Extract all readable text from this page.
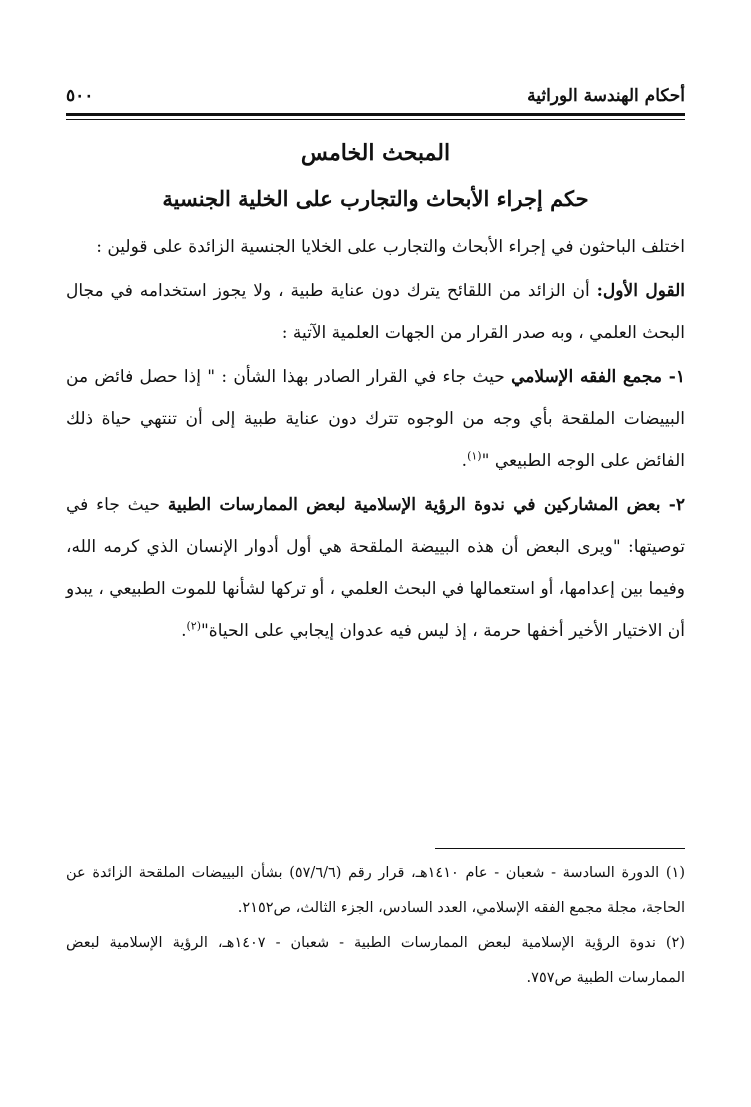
أحكام الهندسة الوراثية
٥٠٠
المبحث الخامس
حكم إجراء الأبحاث والتجارب على الخلية الجنسية

اختلف الباحثون في إجراء الأبحاث والتجارب على الخلايا الجنسية الزائدة على قولين :

القول الأول: أن الزائد من اللقائح يترك دون عناية طبية ، ولا يجوز استخدامه في مجال البحث العلمي ، وبه صدر القرار من الجهات العلمية الآتية :

١- مجمع الفقه الإسلامي حيث جاء في القرار الصادر بهذا الشأن : " إذا حصل فائض من البييضات الملقحة بأي وجه من الوجوه تترك دون عناية طبية إلى أن تنتهي حياة ذلك الفائض على الوجه الطبيعي "$^{(١)}$.

٢- بعض المشاركين في ندوة الرؤية الإسلامية لبعض الممارسات الطبية حيث جاء في توصيتها: "ويرى البعض أن هذه البييضة الملقحة هي أول أدوار الإنسان الذي كرمه الله، وفيما بين إعدامها، أو استعمالها في البحث العلمي ، أو تركها لشأنها للموت الطبيعي ، يبدو أن الاختيار الأخير أخفها حرمة ، إذ ليس فيه عدوان إيجابي على الحياة"$^{(٢)}$.

(١) الدورة السادسة - شعبان - عام ١٤١٠هـ، قرار رقم (٥٧/٦/٦) بشأن البييضات الملقحة الزائدة عن الحاجة، مجلة مجمع الفقه الإسلامي، العدد السادس، الجزء الثالث، ص٢١٥٢.

(٢) ندوة الرؤية الإسلامية لبعض الممارسات الطبية - شعبان - ١٤٠٧هـ، الرؤية الإسلامية لبعض الممارسات الطبية ص٧٥٧.
